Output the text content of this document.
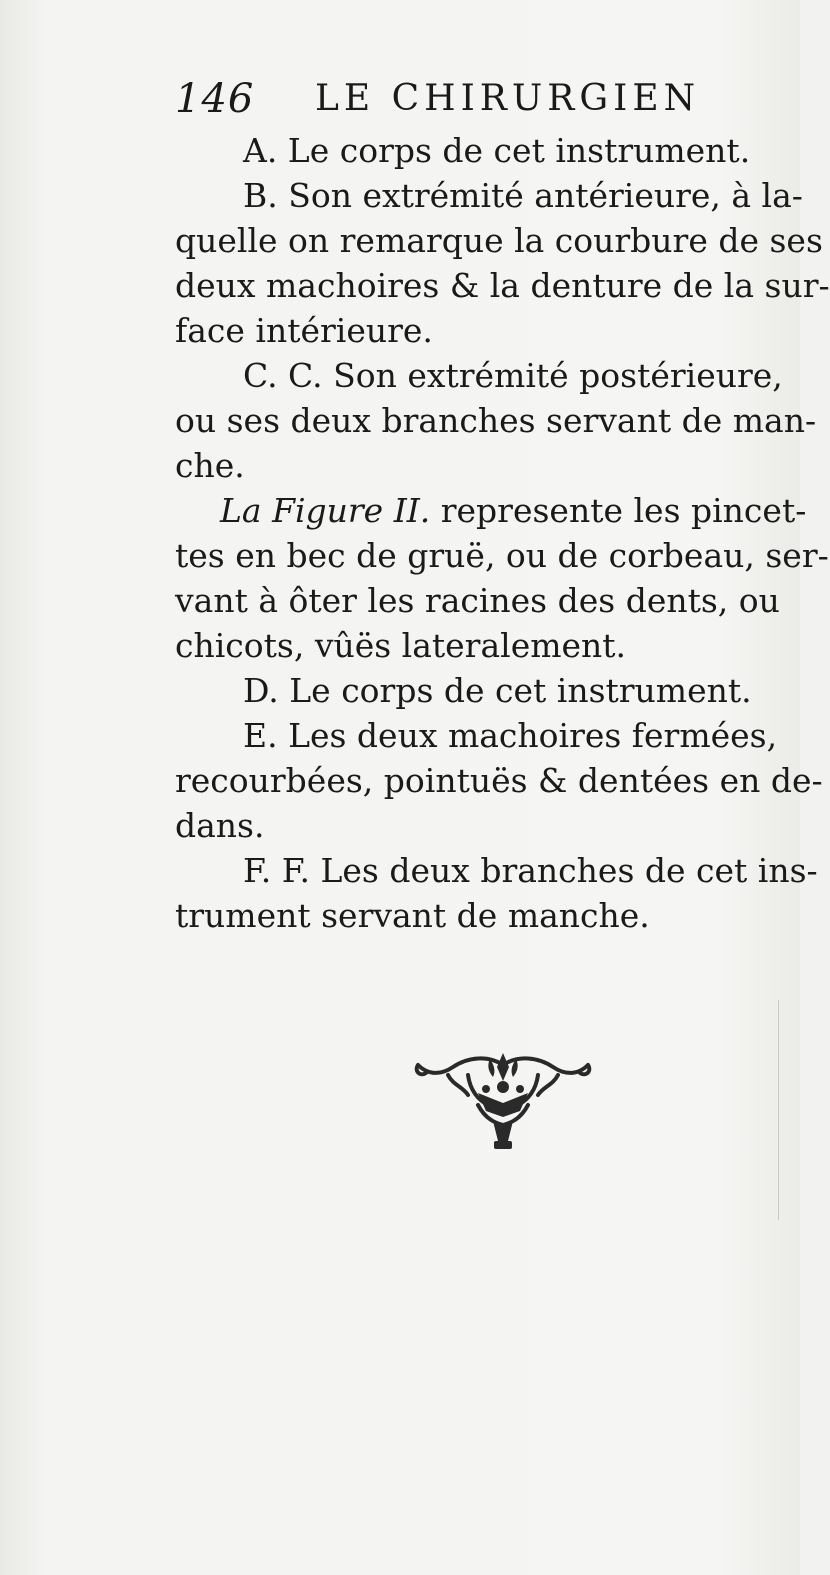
146 LE CHIRURGIEN
A. Le corps de cet instrument.
B. Son extrémité antérieure, à la-
quelle on remarque la courbure de ses
deux machoires & la denture de la sur-
face intérieure.
C. C. Son extrémité postérieure,
ou ses deux branches servant de man-
che.
La Figure II. represente les pincet-
tes en bec de gruë, ou de corbeau, ser-
vant à ôter les racines des dents, ou
chicots, vûës lateralement.
D. Le corps de cet instrument.
E. Les deux machoires fermées,
recourbées, pointuës & dentées en de-
dans.
F. F. Les deux branches de cet ins-
trument servant de manche.
